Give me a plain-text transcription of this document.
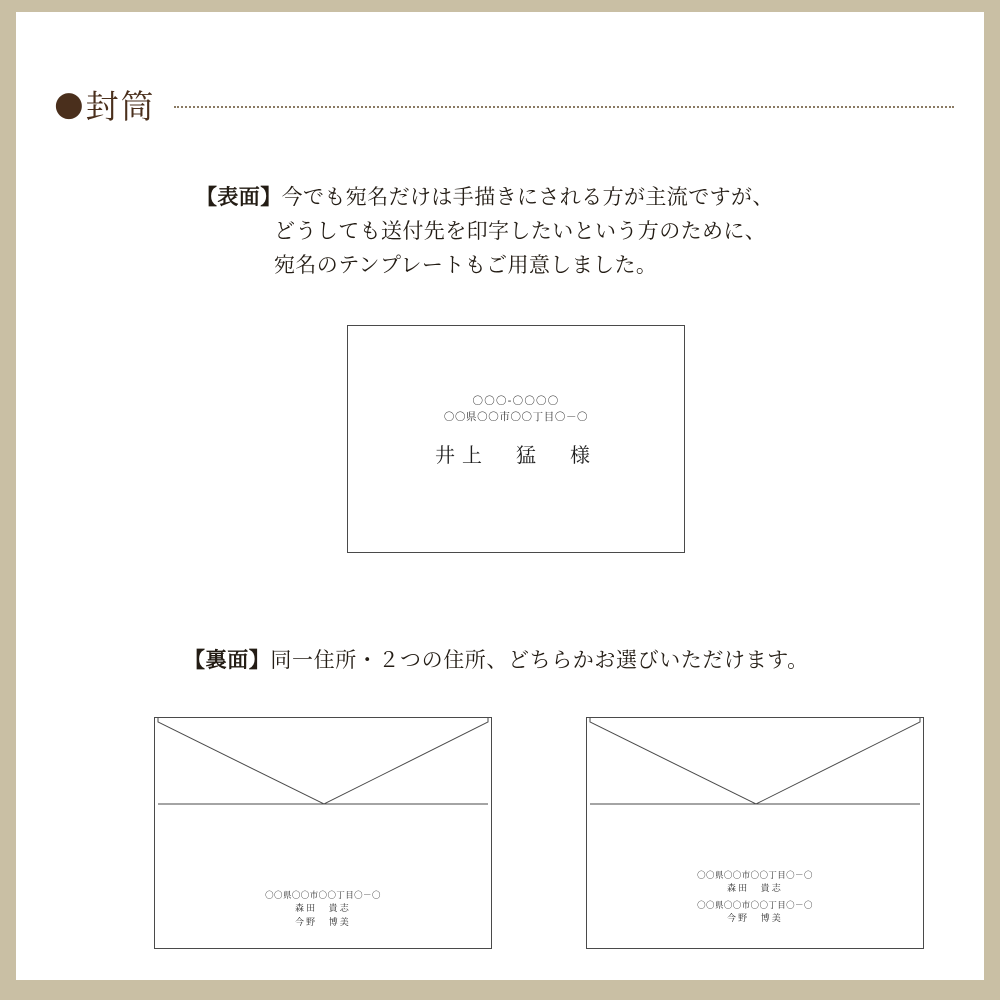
● 封筒
【表面】今でも宛名だけは手描きにされる方が主流ですが、
どうしても送付先を印字したいという方のために、
宛名のテンプレートもご用意しました。
〇〇〇-〇〇〇〇
〇〇県〇〇市〇〇丁目〇－〇
井上　猛　様
【裏面】同一住所・２つの住所、どちらかお選びいただけます。
〇〇県〇〇市〇〇丁目〇－〇
森田　貴志
今野　博美
〇〇県〇〇市〇〇丁目〇－〇
森田　貴志
〇〇県〇〇市〇〇丁目〇－〇
今野　博美
